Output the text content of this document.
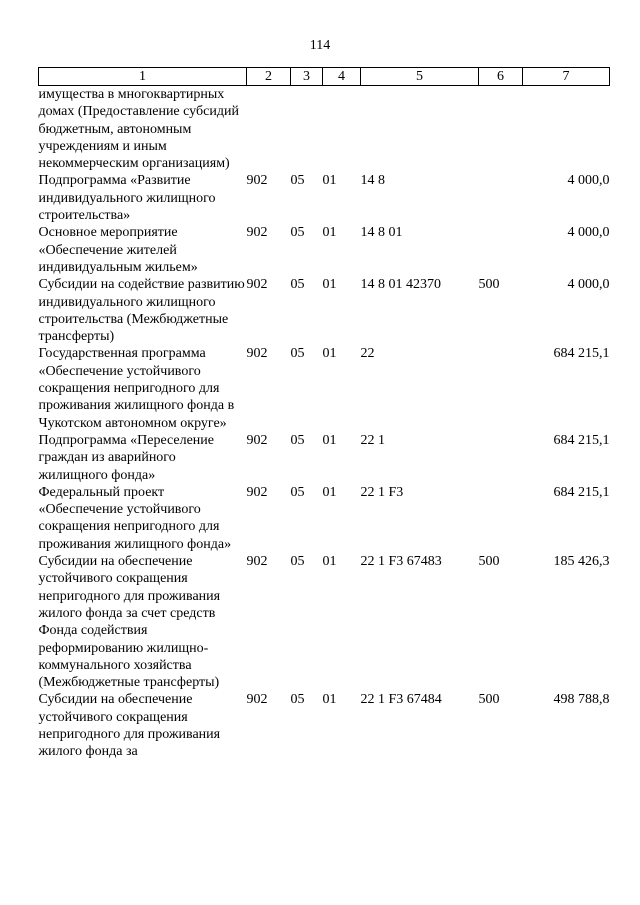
114
1	2	3	4	5	6	7
имущества в многоквартирных домах (Предоставление субсидий бюджетным, автономным учреждениям и иным некоммерческим организациям)						
Подпрограмма «Развитие индивидуального жилищного строительства»	902	05	01	14 8		4 000,0
Основное мероприятие «Обеспечение жителей индивидуальным жильем»	902	05	01	14 8 01		4 000,0
Субсидии на содействие развитию индивидуального жилищного строительства (Межбюджетные трансферты)	902	05	01	14 8 01 42370	500	4 000,0
Государственная программа «Обеспечение устойчивого сокращения непригодного для проживания жилищного фонда в Чукотском автономном округе»	902	05	01	22		684 215,1
Подпрограмма «Переселение граждан из аварийного жилищного фонда»	902	05	01	22 1		684 215,1
Федеральный проект «Обеспечение устойчивого сокращения непригодного для проживания жилищного фонда»	902	05	01	22 1 F3		684 215,1
Субсидии на обеспечение устойчивого сокращения непригодного для проживания жилого фонда за счет средств Фонда содействия реформированию жилищно-коммунального хозяйства (Межбюджетные трансферты)	902	05	01	22 1 F3 67483	500	185 426,3
Субсидии на обеспечение устойчивого сокращения непригодного для проживания жилого фонда за	902	05	01	22 1 F3 67484	500	498 788,8
